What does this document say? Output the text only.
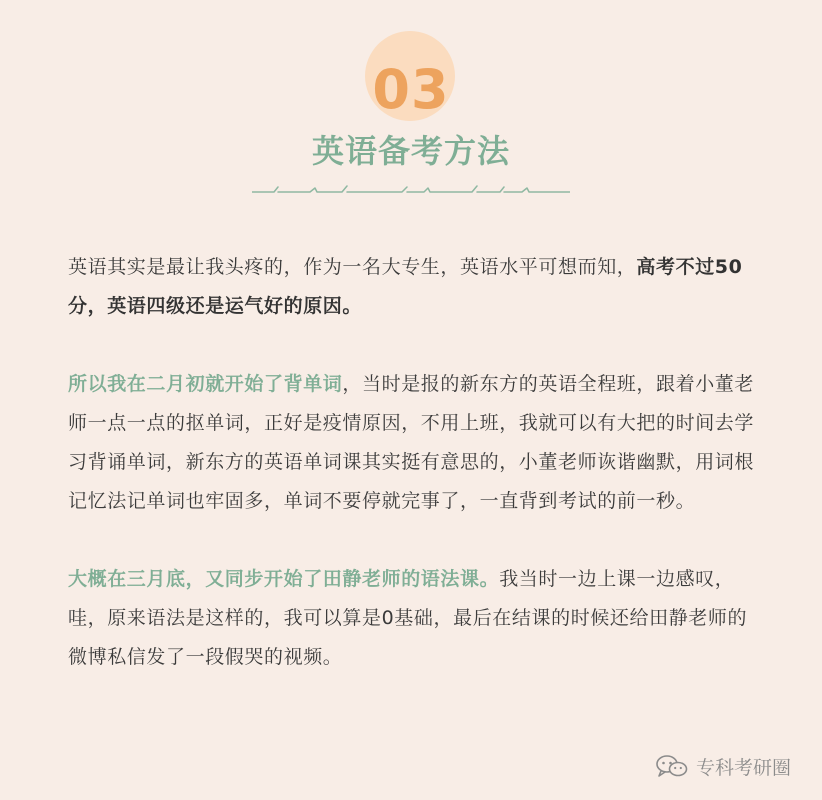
03
英语备考方法

英语其实是最让我头疼的，作为一名大专生，英语水平可想而知，高考不过50分，英语四级还是运气好的原因。

所以我在二月初就开始了背单词，当时是报的新东方的英语全程班，跟着小董老师一点一点的抠单词，正好是疫情原因，不用上班，我就可以有大把的时间去学习背诵单词，新东方的英语单词课其实挺有意思的，小董老师诙谐幽默，用词根记忆法记单词也牢固多，单词不要停就完事了，一直背到考试的前一秒。

大概在三月底，又同步开始了田静老师的语法课。我当时一边上课一边感叹，哇，原来语法是这样的，我可以算是0基础，最后在结课的时候还给田静老师的微博私信发了一段假哭的视频。

专科考研圈
